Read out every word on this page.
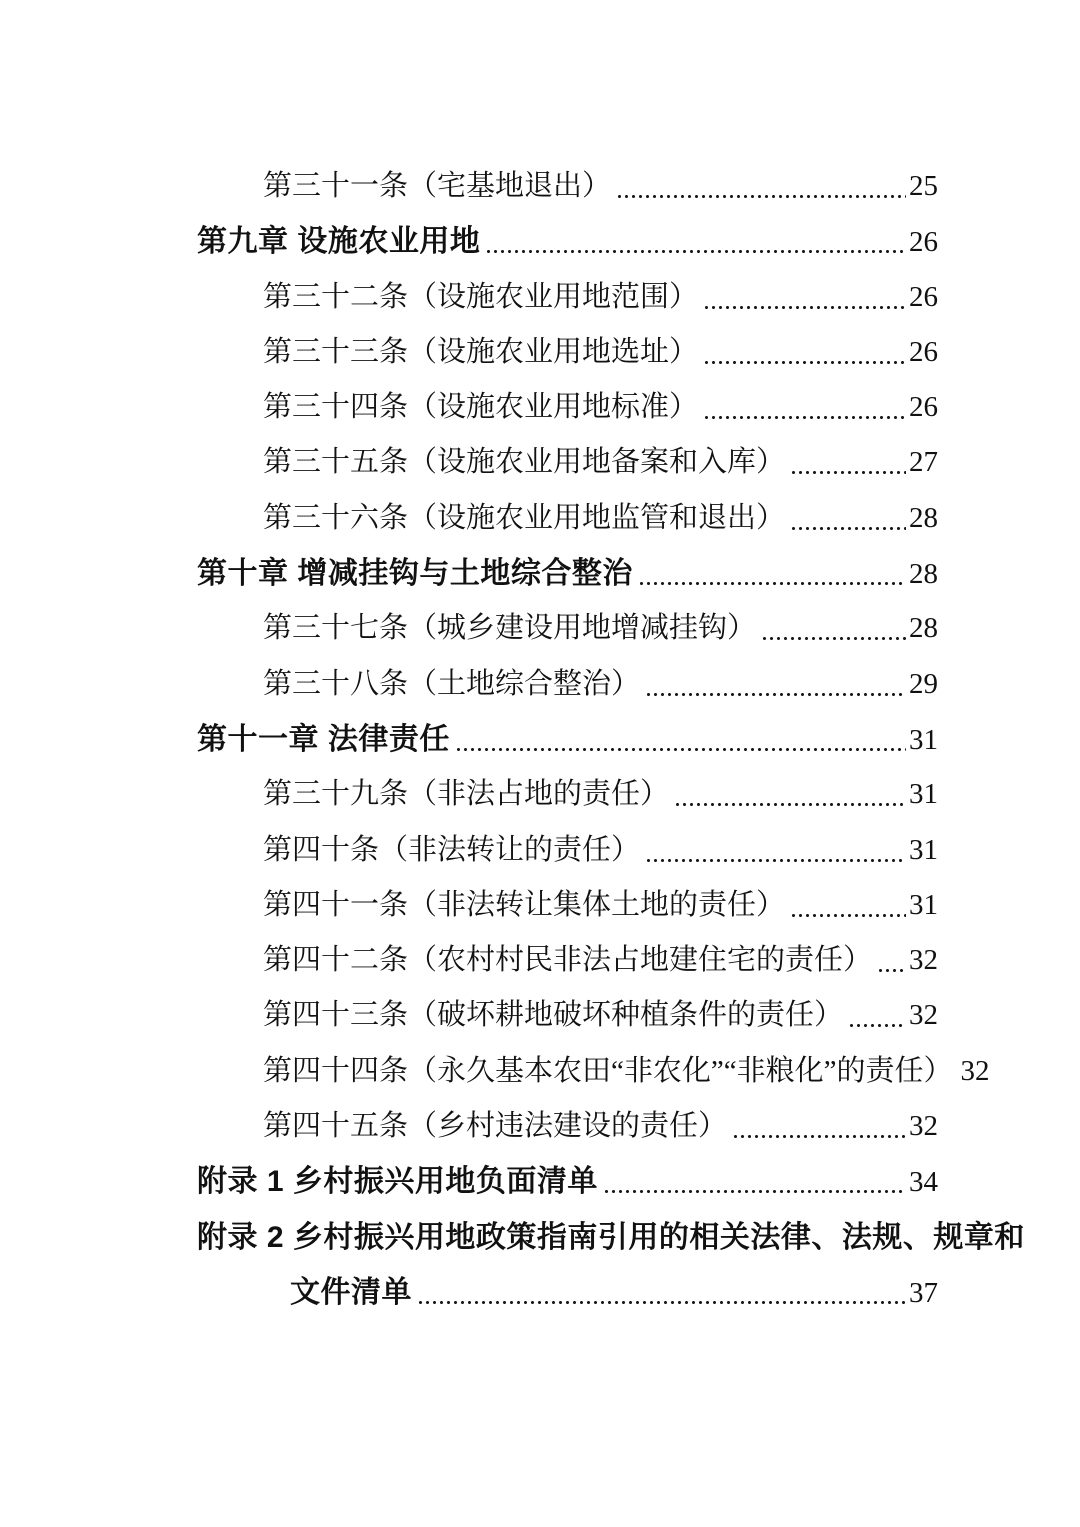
第三十一条（宅基地退出）	25
第九章 设施农业用地	26
第三十二条（设施农业用地范围）	26
第三十三条（设施农业用地选址）	26
第三十四条（设施农业用地标准）	26
第三十五条（设施农业用地备案和入库）	27
第三十六条（设施农业用地监管和退出）	28
第十章 增减挂钩与土地综合整治	28
第三十七条（城乡建设用地增减挂钩）	28
第三十八条（土地综合整治）	29
第十一章 法律责任	31
第三十九条（非法占地的责任）	31
第四十条（非法转让的责任）	31
第四十一条（非法转让集体土地的责任）	31
第四十二条（农村村民非法占地建住宅的责任） 32
第四十三条（破坏耕地破坏种植条件的责任） 32
第四十四条（永久基本农田“非农化”“非粮化”的责任） 32
第四十五条（乡村违法建设的责任）	32
附录 1 乡村振兴用地负面清单	34
附录 2 乡村振兴用地政策指南引用的相关法律、法规、规章和
文件清单	37
